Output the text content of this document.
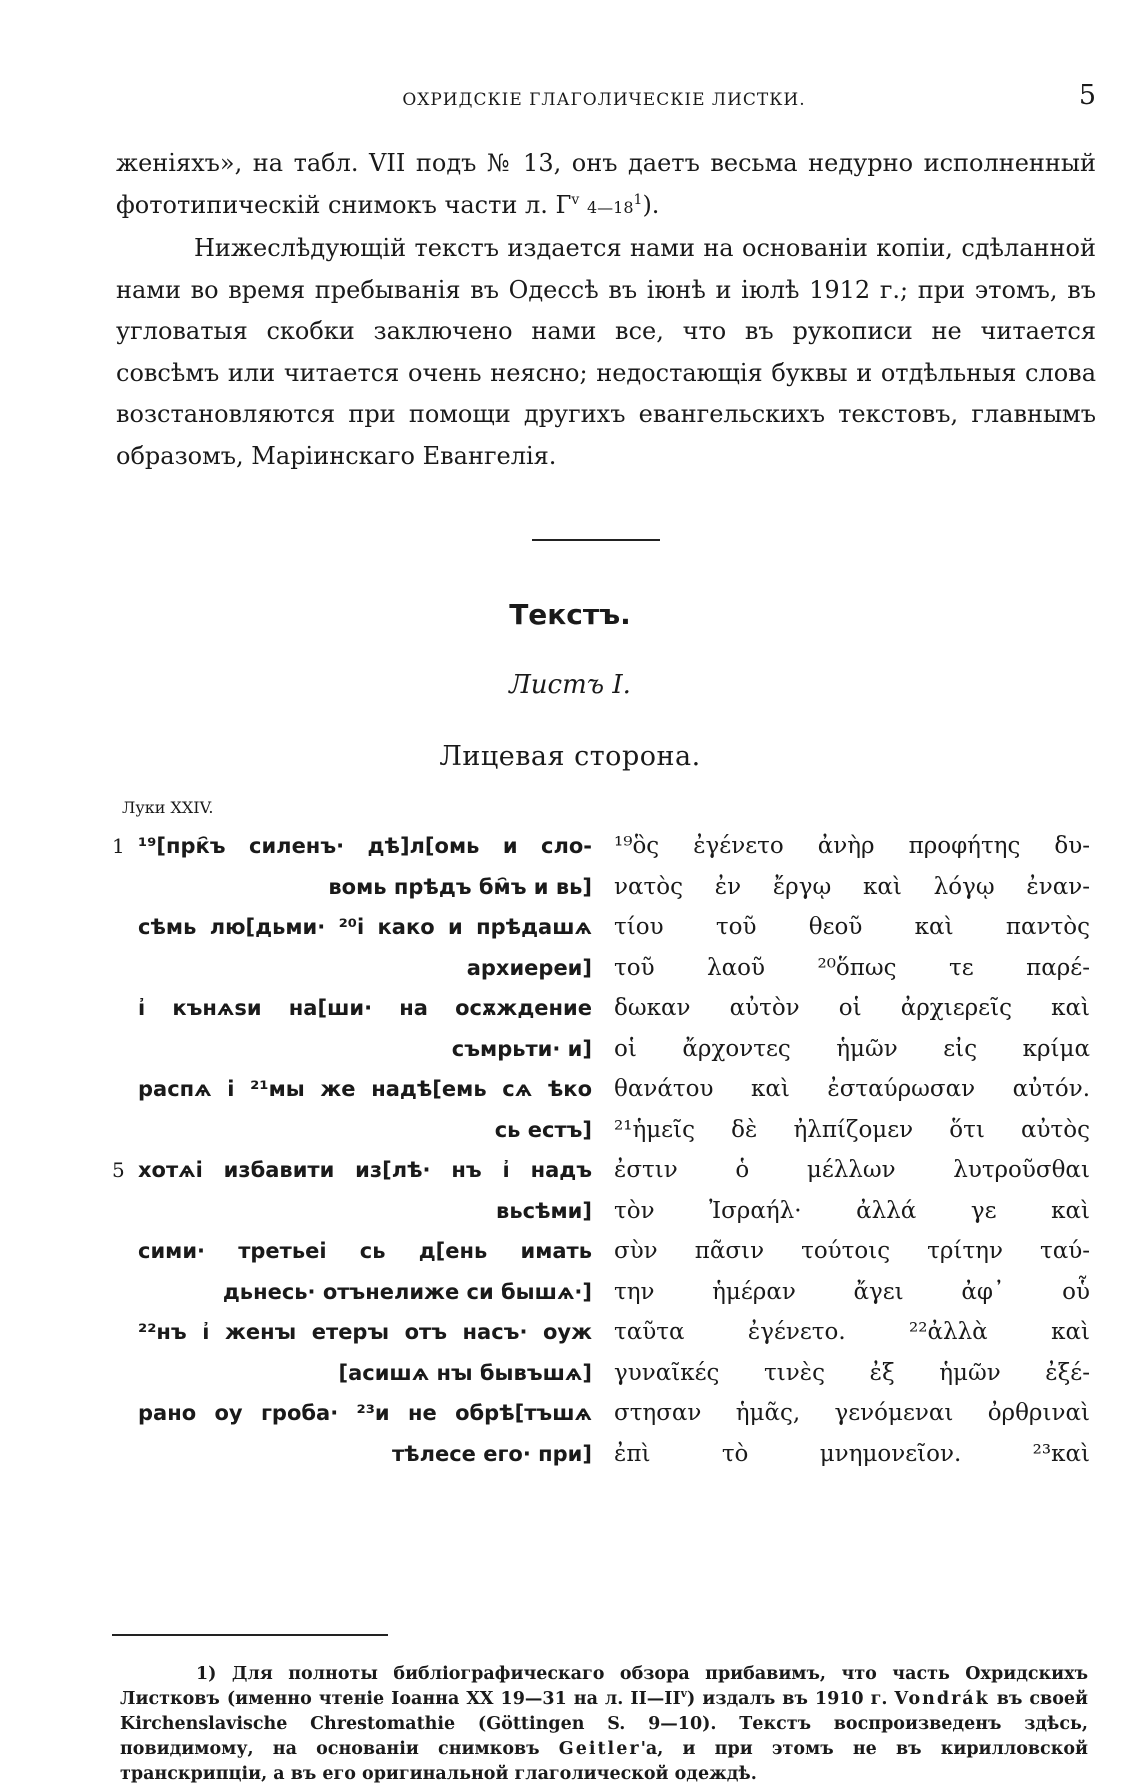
ОХРИДСКІЕ ГЛАГОЛИЧЕСКІЕ ЛИСТКИ.	5

женіяхъ», на табл. VII подъ № 13, онъ даетъ весьма недурно исполненный фототипическій снимокъ части л. $Г^v$ $4—18^1$).

Нижеслѣдующій текстъ издается нами на основаніи копіи, сдѣланной нами во время пребыванія въ Одессѣ въ іюнѣ и іюлѣ 1912 г.; при этомъ, въ угловатыя скобки заключено нами все, что въ рукописи не читается совсѣмъ или читается очень неясно; недостающія буквы и отдѣльныя слова возстановляются при помощи другихъ евангельскихъ текстовъ, главнымъ образомъ, Маріинскаго Евангелія.

Текстъ.
Листъ I.
Лицевая сторона.
Луки XXIV.
1 ¹⁹[прк҄ъ силенъ· дѣ]л[омь и сло-
вомь прѣдъ бм҄ъ и вь]
сѣмь лю[дьми· ²⁰і како и прѣдашѧ
архиереи]
і҆ кънѧѕи на[ши· на осѫждение
съмрьти· и]
распѧ і ²¹мы же надѣ[емь сѧ ѣко
сь естъ]
5 хотѧі избавити из[лѣ· нъ і҆ надъ
вьсѣми]
сими· третьеі сь д[ень имать
дьнесь· отънелиже си бышѧ·]
²²нъ і҆ женꙑ етерꙑ отъ насъ· оуж
[асишѧ нꙑ бывъшѧ]
рано оу гроба· ²³и не обрѣ[тъшѧ
тѣлесе его· при]
¹⁹ὃς ἐγένετο ἀνὴρ προφήτης δυ-
νατὸς ἐν ἔργῳ καὶ λόγῳ ἐναν-
τίου τοῦ θεοῦ καὶ παντὸς
τοῦ λαοῦ ²⁰ὅπως τε παρέ-
δωκαν αὐτὸν οἱ ἀρχιερεῖς καὶ
οἱ ἄρχοντες ἡμῶν εἰς κρίμα
θανάτου καὶ ἐσταύρωσαν αὐτόν.
²¹ἡμεῖς δὲ ἠλπίζομεν ὅτι αὐτὸς
ἐστιν ὁ μέλλων λυτροῦσθαι
τὸν Ἰσραήλ· ἀλλά γε καὶ
σὺν πᾶσιν τούτοις τρίτην ταύ-
την ἡμέραν ἄγει ἀφ᾿ οὗ
ταῦτα ἐγένετο. ²²ἀλλὰ καὶ
γυναῖκές τινὲς ἐξ ἡμῶν ἐξέ-
στησαν ἡμᾶς, γενόμεναι ὀρθριναὶ
ἐπὶ τὸ μνημονεῖον. ²³καὶ

1) Для полноты библіографическаго обзора прибавимъ, что часть Охридскихъ Листковъ (именно чтеніе Іоанна XX 19—31 на л. $II—II^v$) издалъ въ 1910 г. Vondrák въ своей Kirchenslavische Chrestomathie (Göttingen S. 9—10). Текстъ воспроизведенъ здѣсь, повидимому, на основаніи снимковъ Geitler'а, и при этомъ не въ кирилловской транскрипціи, а въ его оригинальной глаголической одеждѣ.
